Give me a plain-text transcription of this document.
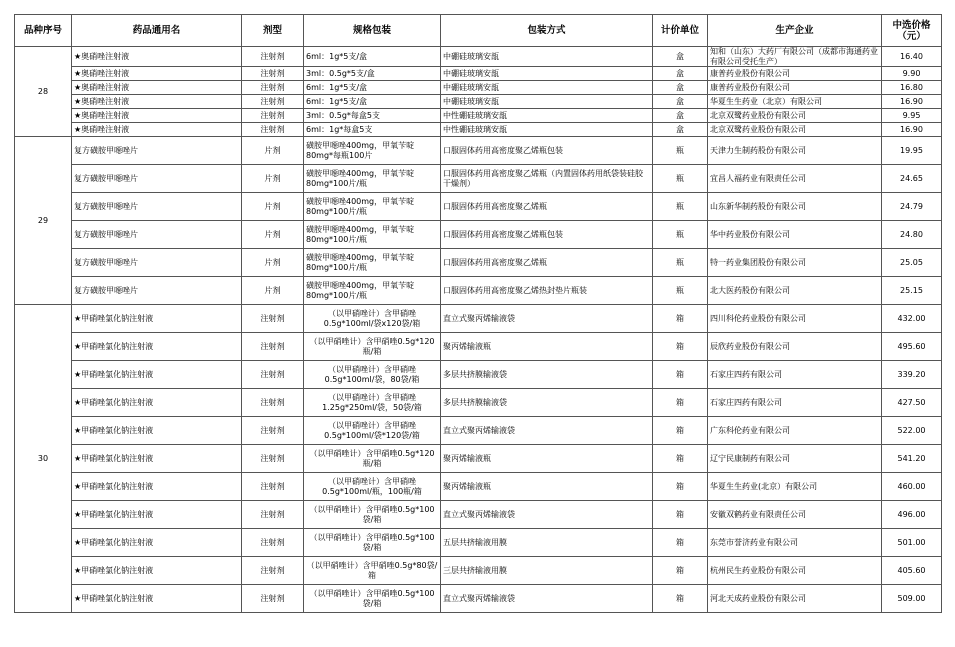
品种序号	药品通用名	剂型	规格包装	包装方式	计价单位	生产企业	中选价格（元）
28	★奥硝唑注射液	注射剂	6ml：1g*5支/盒	中硼硅玻璃安瓿	盒	知和（山东）大药厂有限公司（成都市海通药业有限公司受托生产）	16.40
	★奥硝唑注射液	注射剂	3ml：0.5g*5支/盒	中硼硅玻璃安瓿	盒	康普药业股份有限公司	9.90
	★奥硝唑注射液	注射剂	6ml：1g*5支/盒	中硼硅玻璃安瓿	盒	康普药业股份有限公司	16.80
	★奥硝唑注射液	注射剂	6ml：1g*5支/盒	中硼硅玻璃安瓿	盒	华夏生生药业（北京）有限公司	16.90
	★奥硝唑注射液	注射剂	3ml：0.5g*每盒5支	中性硼硅玻璃安瓿	盒	北京双鹭药业股份有限公司	9.95
	★奥硝唑注射液	注射剂	6ml：1g*每盒5支	中性硼硅玻璃安瓿	盒	北京双鹭药业股份有限公司	16.90
29	复方磺胺甲噁唑片	片剂	磺胺甲噁唑400mg，甲氧苄啶80mg*每瓶100片	口服固体药用高密度聚乙烯瓶包装	瓶	天津力生制药股份有限公司	19.95
	复方磺胺甲噁唑片	片剂	磺胺甲噁唑400mg，甲氧苄啶80mg*100片/瓶	口服固体药用高密度聚乙烯瓶（内置固体药用纸袋装硅胶干燥剂）	瓶	宜昌人福药业有限责任公司	24.65
	复方磺胺甲噁唑片	片剂	磺胺甲噁唑400mg，甲氧苄啶80mg*100片/瓶	口服固体药用高密度聚乙烯瓶	瓶	山东新华制药股份有限公司	24.79
	复方磺胺甲噁唑片	片剂	磺胺甲噁唑400mg，甲氧苄啶80mg*100片/瓶	口服固体药用高密度聚乙烯瓶包装	瓶	华中药业股份有限公司	24.80
	复方磺胺甲噁唑片	片剂	磺胺甲噁唑400mg，甲氧苄啶80mg*100片/瓶	口服固体药用高密度聚乙烯瓶	瓶	特一药业集团股份有限公司	25.05
	复方磺胺甲噁唑片	片剂	磺胺甲噁唑400mg，甲氧苄啶80mg*100片/瓶	口服固体药用高密度聚乙烯热封垫片瓶装	瓶	北大医药股份有限公司	25.15
30	★甲硝唑氯化钠注射液	注射剂	（以甲硝唑计）含甲硝唑0.5g*100ml/袋x120袋/箱	直立式聚丙烯输液袋	箱	四川科伦药业股份有限公司	432.00
	★甲硝唑氯化钠注射液	注射剂	（以甲硝唑计）含甲硝唑0.5g*120瓶/箱	聚丙烯输液瓶	箱	辰欣药业股份有限公司	495.60
	★甲硝唑氯化钠注射液	注射剂	（以甲硝唑计）含甲硝唑0.5g*100ml/袋，80袋/箱	多层共挤膜输液袋	箱	石家庄四药有限公司	339.20
	★甲硝唑氯化钠注射液	注射剂	（以甲硝唑计）含甲硝唑1.25g*250ml/袋，50袋/箱	多层共挤膜输液袋	箱	石家庄四药有限公司	427.50
	★甲硝唑氯化钠注射液	注射剂	（以甲硝唑计）含甲硝唑0.5g*100ml/袋*120袋/箱	直立式聚丙烯输液袋	箱	广东科伦药业有限公司	522.00
	★甲硝唑氯化钠注射液	注射剂	（以甲硝唑计）含甲硝唑0.5g*120瓶/箱	聚丙烯输液瓶	箱	辽宁民康制药有限公司	541.20
	★甲硝唑氯化钠注射液	注射剂	（以甲硝唑计）含甲硝唑0.5g*100ml/瓶，100瓶/箱	聚丙烯输液瓶	箱	华夏生生药业(北京）有限公司	460.00
	★甲硝唑氯化钠注射液	注射剂	（以甲硝唑计）含甲硝唑0.5g*100袋/箱	直立式聚丙烯输液袋	箱	安徽双鹤药业有限责任公司	496.00
	★甲硝唑氯化钠注射液	注射剂	（以甲硝唑计）含甲硝唑0.5g*100袋/箱	五层共挤输液用膜	箱	东莞市誉济药业有限公司	501.00
	★甲硝唑氯化钠注射液	注射剂	（以甲硝唑计）含甲硝唑0.5g*80袋/箱	三层共挤输液用膜	箱	杭州民生药业股份有限公司	405.60
	★甲硝唑氯化钠注射液	注射剂	（以甲硝唑计）含甲硝唑0.5g*100袋/箱	直立式聚丙烯输液袋	箱	河北天成药业股份有限公司	509.00
